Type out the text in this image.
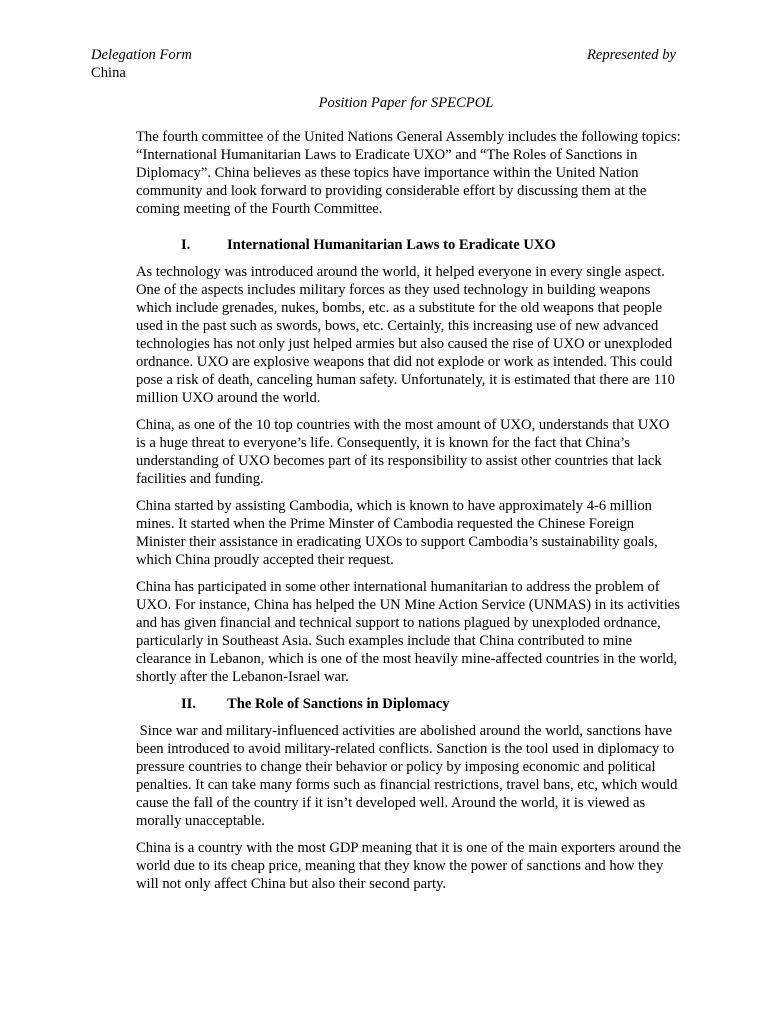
Delegation Form	Represented by
China
Position Paper for SPECPOL

The fourth committee of the United Nations General Assembly includes the following topics: “International Humanitarian Laws to Eradicate UXO” and “The Roles of Sanctions in Diplomacy”. China believes as these topics have importance within the United Nation community and look forward to providing considerable effort by discussing them at the coming meeting of the Fourth Committee.

I.	International Humanitarian Laws to Eradicate UXO

As technology was introduced around the world, it helped everyone in every single aspect. One of the aspects includes military forces as they used technology in building weapons which include grenades, nukes, bombs, etc. as a substitute for the old weapons that people used in the past such as swords, bows, etc. Certainly, this increasing use of new advanced technologies has not only just helped armies but also caused the rise of UXO or unexploded ordnance. UXO are explosive weapons that did not explode or work as intended. This could pose a risk of death, canceling human safety. Unfortunately, it is estimated that there are 110 million UXO around the world.

China, as one of the 10 top countries with the most amount of UXO, understands that UXO is a huge threat to everyone’s life. Consequently, it is known for the fact that China’s understanding of UXO becomes part of its responsibility to assist other countries that lack facilities and funding.

China started by assisting Cambodia, which is known to have approximately 4-6 million mines. It started when the Prime Minster of Cambodia requested the Chinese Foreign Minister their assistance in eradicating UXOs to support Cambodia’s sustainability goals, which China proudly accepted their request.

China has participated in some other international humanitarian to address the problem of UXO. For instance, China has helped the UN Mine Action Service (UNMAS) in its activities and has given financial and technical support to nations plagued by unexploded ordnance, particularly in Southeast Asia. Such examples include that China contributed to mine clearance in Lebanon, which is one of the most heavily mine-affected countries in the world, shortly after the Lebanon-Israel war.

II.	The Role of Sanctions in Diplomacy

Since war and military-influenced activities are abolished around the world, sanctions have been introduced to avoid military-related conflicts. Sanction is the tool used in diplomacy to pressure countries to change their behavior or policy by imposing economic and political penalties. It can take many forms such as financial restrictions, travel bans, etc, which would cause the fall of the country if it isn’t developed well. Around the world, it is viewed as morally unacceptable.

China is a country with the most GDP meaning that it is one of the main exporters around the world due to its cheap price, meaning that they know the power of sanctions and how they will not only affect China but also their second party.
